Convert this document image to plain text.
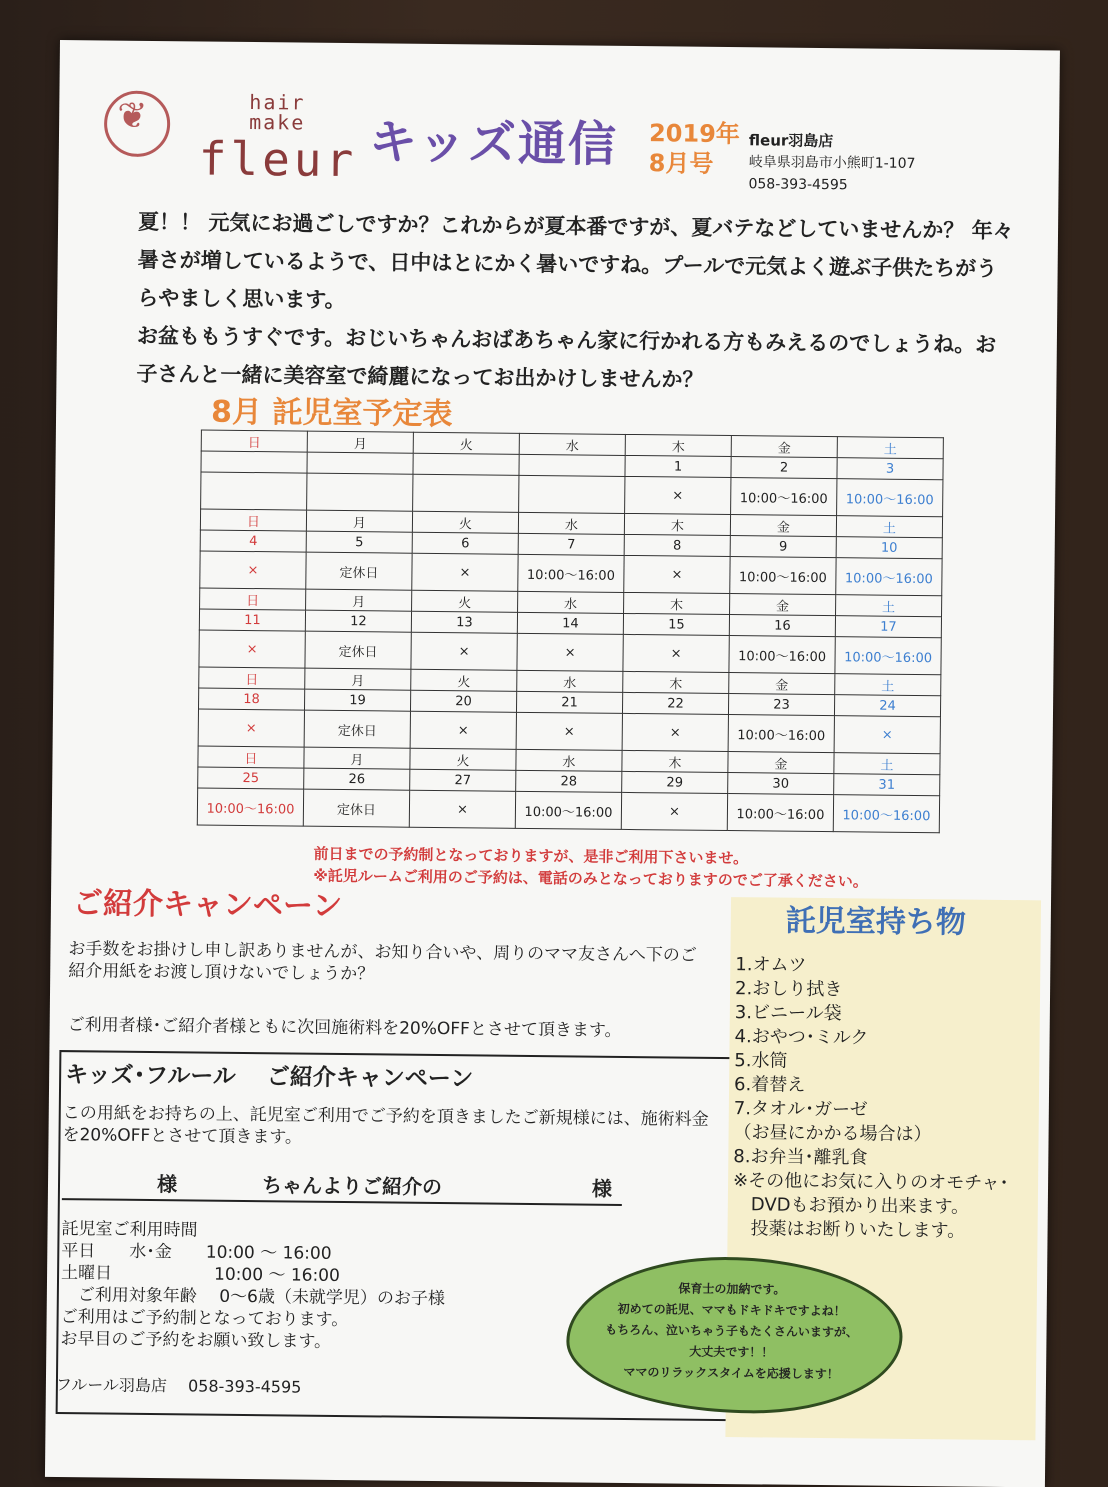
❦	hair
make
fleur キッズ通信 2019年
8月号
fleur羽島店
岐阜県羽島市小熊町1-107
058-393-4595

夏！！ 元気にお過ごしですか？これからが夏本番ですが、夏バテなどしていませんか？ 年々暑さが増しているようで、日中はとにかく暑いですね。プールで元気よく遊ぶ子供たちがうらやましく思います。

お盆ももうすぐです。おじいちゃんおばあちゃん家に行かれる方もみえるのでしょうね。お子さんと一緒に美容室で綺麗になってお出かけしませんか？

8月 託児室予定表
日	月	火	水	木	金	土
				1	2	3
				×	10:00～16:00	10:00～16:00
日	月	火	水	木	金	土
4	5	6	7	8	9	10
×	定休日	×	10:00～16:00	×	10:00～16:00	10:00～16:00
日	月	火	水	木	金	土
11	12	13	14	15	16	17
×	定休日	×	×	×	10:00～16:00	10:00～16:00
日	月	火	水	木	金	土
18	19	20	21	22	23	24
×	定休日	×	×	×	10:00～16:00	×
日	月	火	水	木	金	土
25	26	27	28	29	30	31
10:00～16:00	定休日	×	10:00～16:00	×	10:00～16:00	10:00～16:00
前日までの予約制となっておりますが、是非ご利用下さいませ。
※託児ルームご利用のご予約は、電話のみとなっておりますのでご了承ください。
ご紹介キャンペーン
お手数をお掛けし申し訳ありませんが、お知り合いや、周りのママ友さんへ下のご紹介用紙をお渡し頂けないでしょうか？
ご利用者様･ご紹介者様ともに次回施術料を20%OFFとさせて頂きます。
キッズ･フルール　 ご紹介キャンペーン
この用紙をお持ちの上、託児室ご利用でご予約を頂きましたご新規様には、施術料金を20%OFFとさせて頂きます。
様	ちゃんよりご紹介の	様
託児室ご利用時間
平日　　水･金　　10:00 ～ 16:00
土曜日　　　　　　10:00 ～ 16:00
　ご利用対象年齢　 0～6歳（未就学児）のお子様
ご利用はご予約制となっております。
お早目のご予約をお願い致します。
フルール羽島店　 058-393-4595
託児室持ち物
1.オムツ
2.おしり拭き
3.ビニール袋
4.おやつ･ミルク
5.水筒
6.着替え
7.タオル･ガーゼ
（お昼にかかる場合は）
8.お弁当･離乳食
※その他にお気に入りのオモチャ･
　DVDもお預かり出来ます。
　投薬はお断りいたします。
保育士の加納です。
初めての託児、ママもドキドキですよね！
もちろん、泣いちゃう子もたくさんいますが、
大丈夫です！！
ママのリラックスタイムを応援します！
